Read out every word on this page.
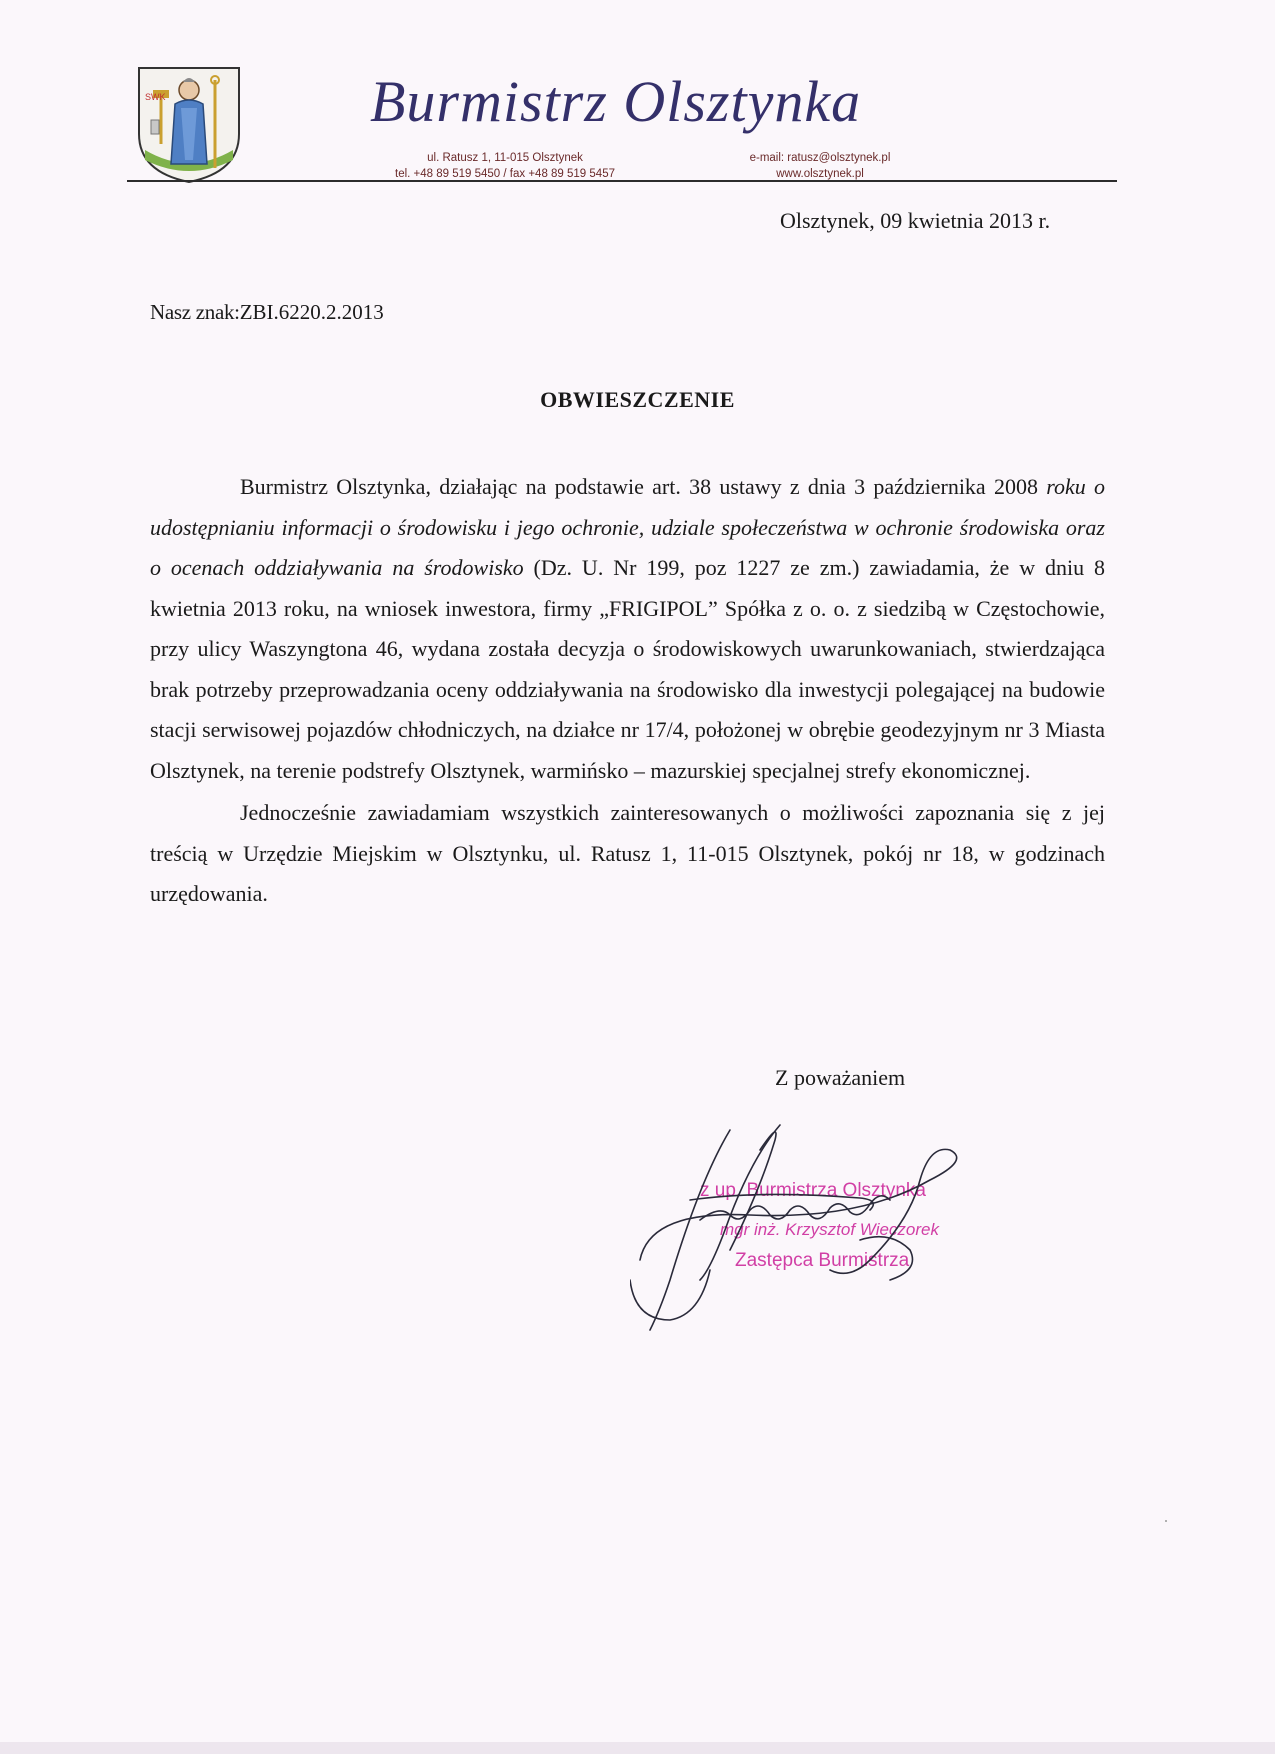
SWK	Burmistrz Olsztynka
ul. Ratusz 1, 11-015 Olsztynek
tel. +48 89 519 5450 / fax +48 89 519 5457
e-mail: ratusz@olsztynek.pl
www.olsztynek.pl
Olsztynek, 09 kwietnia 2013 r.
Nasz znak:ZBI.6220.2.2013
OBWIESZCZENIE

Burmistrz Olsztynka, działając na podstawie art. 38 ustawy z dnia 3 października 2008 roku o udostępnianiu informacji o środowisku i jego ochronie, udziale społeczeństwa w ochronie środowiska oraz o ocenach oddziaływania na środowisko (Dz. U. Nr 199, poz 1227 ze zm.) zawiadamia, że w dniu 8 kwietnia 2013 roku, na wniosek inwestora, firmy „FRIGIPOL” Spółka z o. o. z siedzibą w Częstochowie, przy ulicy Waszyngtona 46, wydana została decyzja o środowiskowych uwarunkowaniach, stwierdzająca brak potrzeby przeprowadzania oceny oddziaływania na środowisko dla inwestycji polegającej na budowie stacji serwisowej pojazdów chłodniczych, na działce nr 17/4, położonej w obrębie geodezyjnym nr 3 Miasta Olsztynek, na terenie podstrefy Olsztynek, warmińsko – mazurskiej specjalnej strefy ekonomicznej.

Jednocześnie zawiadamiam wszystkich zainteresowanych o możliwości zapoznania się z jej treścią w Urzędzie Miejskim w Olsztynku, ul. Ratusz 1, 11-015 Olsztynek, pokój nr 18, w godzinach urzędowania.

Z poważaniem
z up. Burmistrza Olsztynka
mgr inż. Krzysztof Wieczorek
Zastępca Burmistrza
